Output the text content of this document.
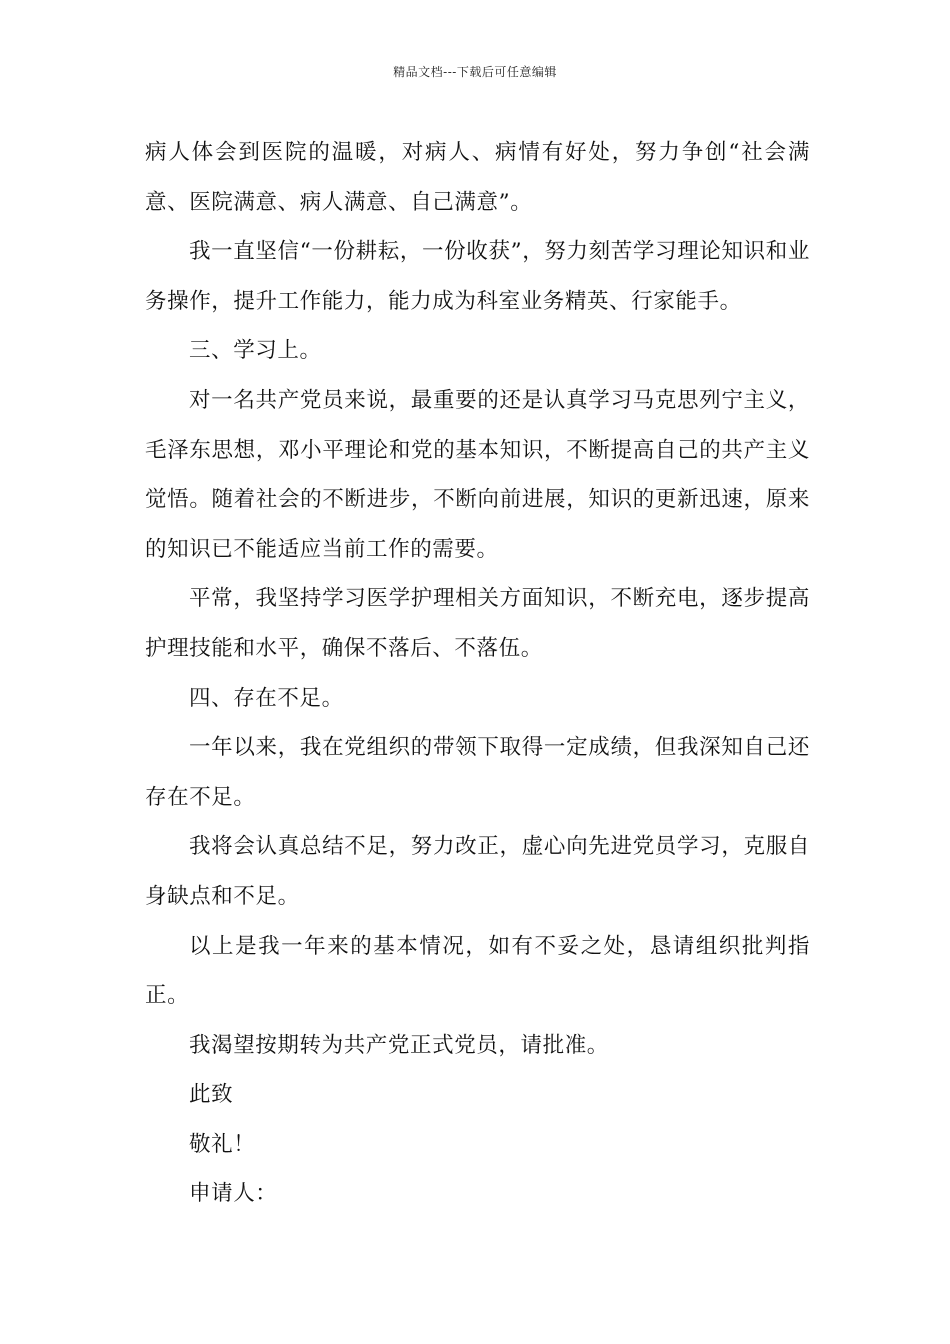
精品文档---下载后可任意编辑

病人体会到医院的温暖，对病人、病情有好处，努力争创“社会满意、医院满意、病人满意、自己满意”。

我一直坚信“一份耕耘，一份收获”，努力刻苦学习理论知识和业务操作，提升工作能力，能力成为科室业务精英、行家能手。

三、学习上。

对一名共产党员来说，最重要的还是认真学习马克思列宁主义，毛泽东思想，邓小平理论和党的基本知识，不断提高自己的共产主义觉悟。随着社会的不断进步，不断向前进展，知识的更新迅速，原来的知识已不能适应当前工作的需要。

平常，我坚持学习医学护理相关方面知识，不断充电，逐步提高护理技能和水平，确保不落后、不落伍。

四、存在不足。

一年以来，我在党组织的带领下取得一定成绩，但我深知自己还存在不足。

我将会认真总结不足，努力改正，虚心向先进党员学习，克服自身缺点和不足。

以上是我一年来的基本情况，如有不妥之处，恳请组织批判指正。

我渴望按期转为共产党正式党员，请批准。

此致

敬礼！

申请人：
